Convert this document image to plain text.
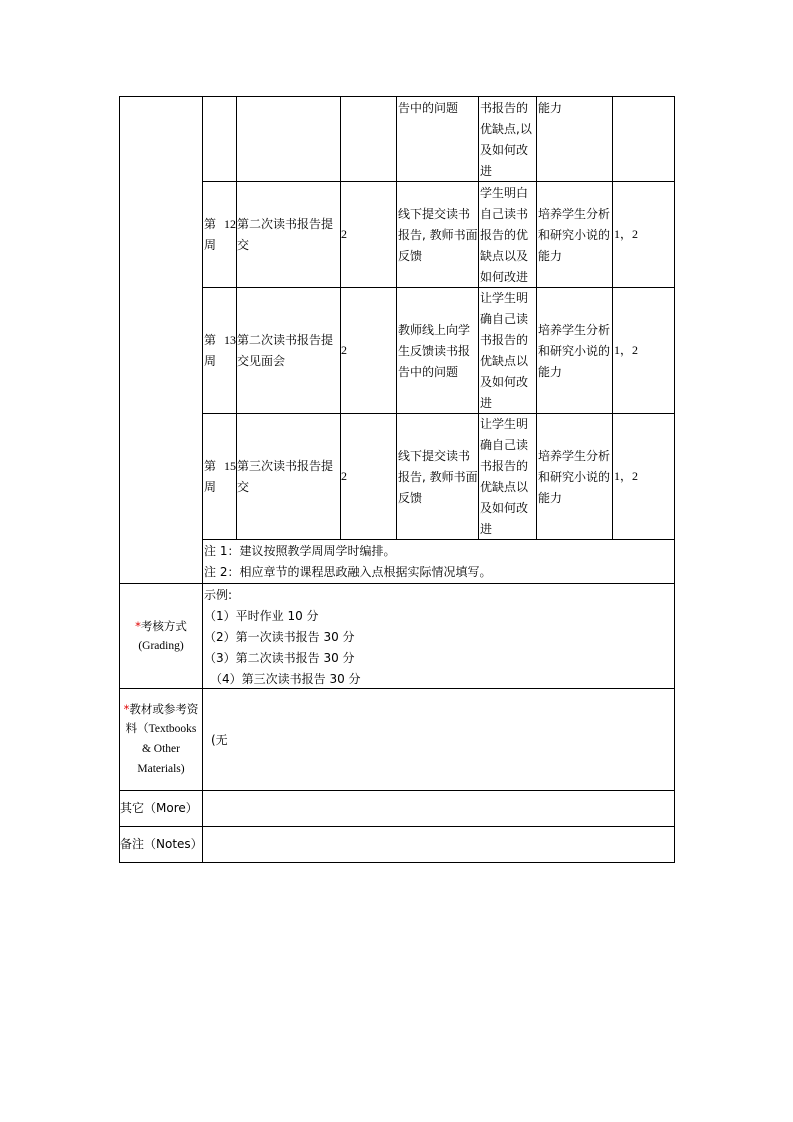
告中的问题 书报告的
优缺点,以
及如何改
进
能力
第 12
周
第二次读书报告提
交
2
线下提交读书
报告, 教师书面
反馈
学生明白
自己读书
报告的优
缺点以及
如何改进
培养学生分析
和研究小说的
能力
1，2
第 13
周
第二次读书报告提
交见面会
2
教师线上向学
生反馈读书报
告中的问题
让学生明
确自己读
书报告的
优缺点以
及如何改
进
培养学生分析
和研究小说的
能力
1，2
第 15
周
第三次读书报告提
交
2
线下提交读书
报告, 教师书面
反馈
让学生明
确自己读
书报告的
优缺点以
及如何改
进
培养学生分析
和研究小说的
能力
1，2
注 1：建议按照教学周周学时编排。
注 2：相应章节的课程思政融入点根据实际情况填写。
*考核方式
(Grading)
示例:
（1）平时作业 10 分
（2）第一次读书报告 30 分
（3）第二次读书报告 30 分
（4）第三次读书报告 30 分
*教材或参考资
料（Textbooks
& Other
Materials)
(无
其它（More）
备注（Notes）
